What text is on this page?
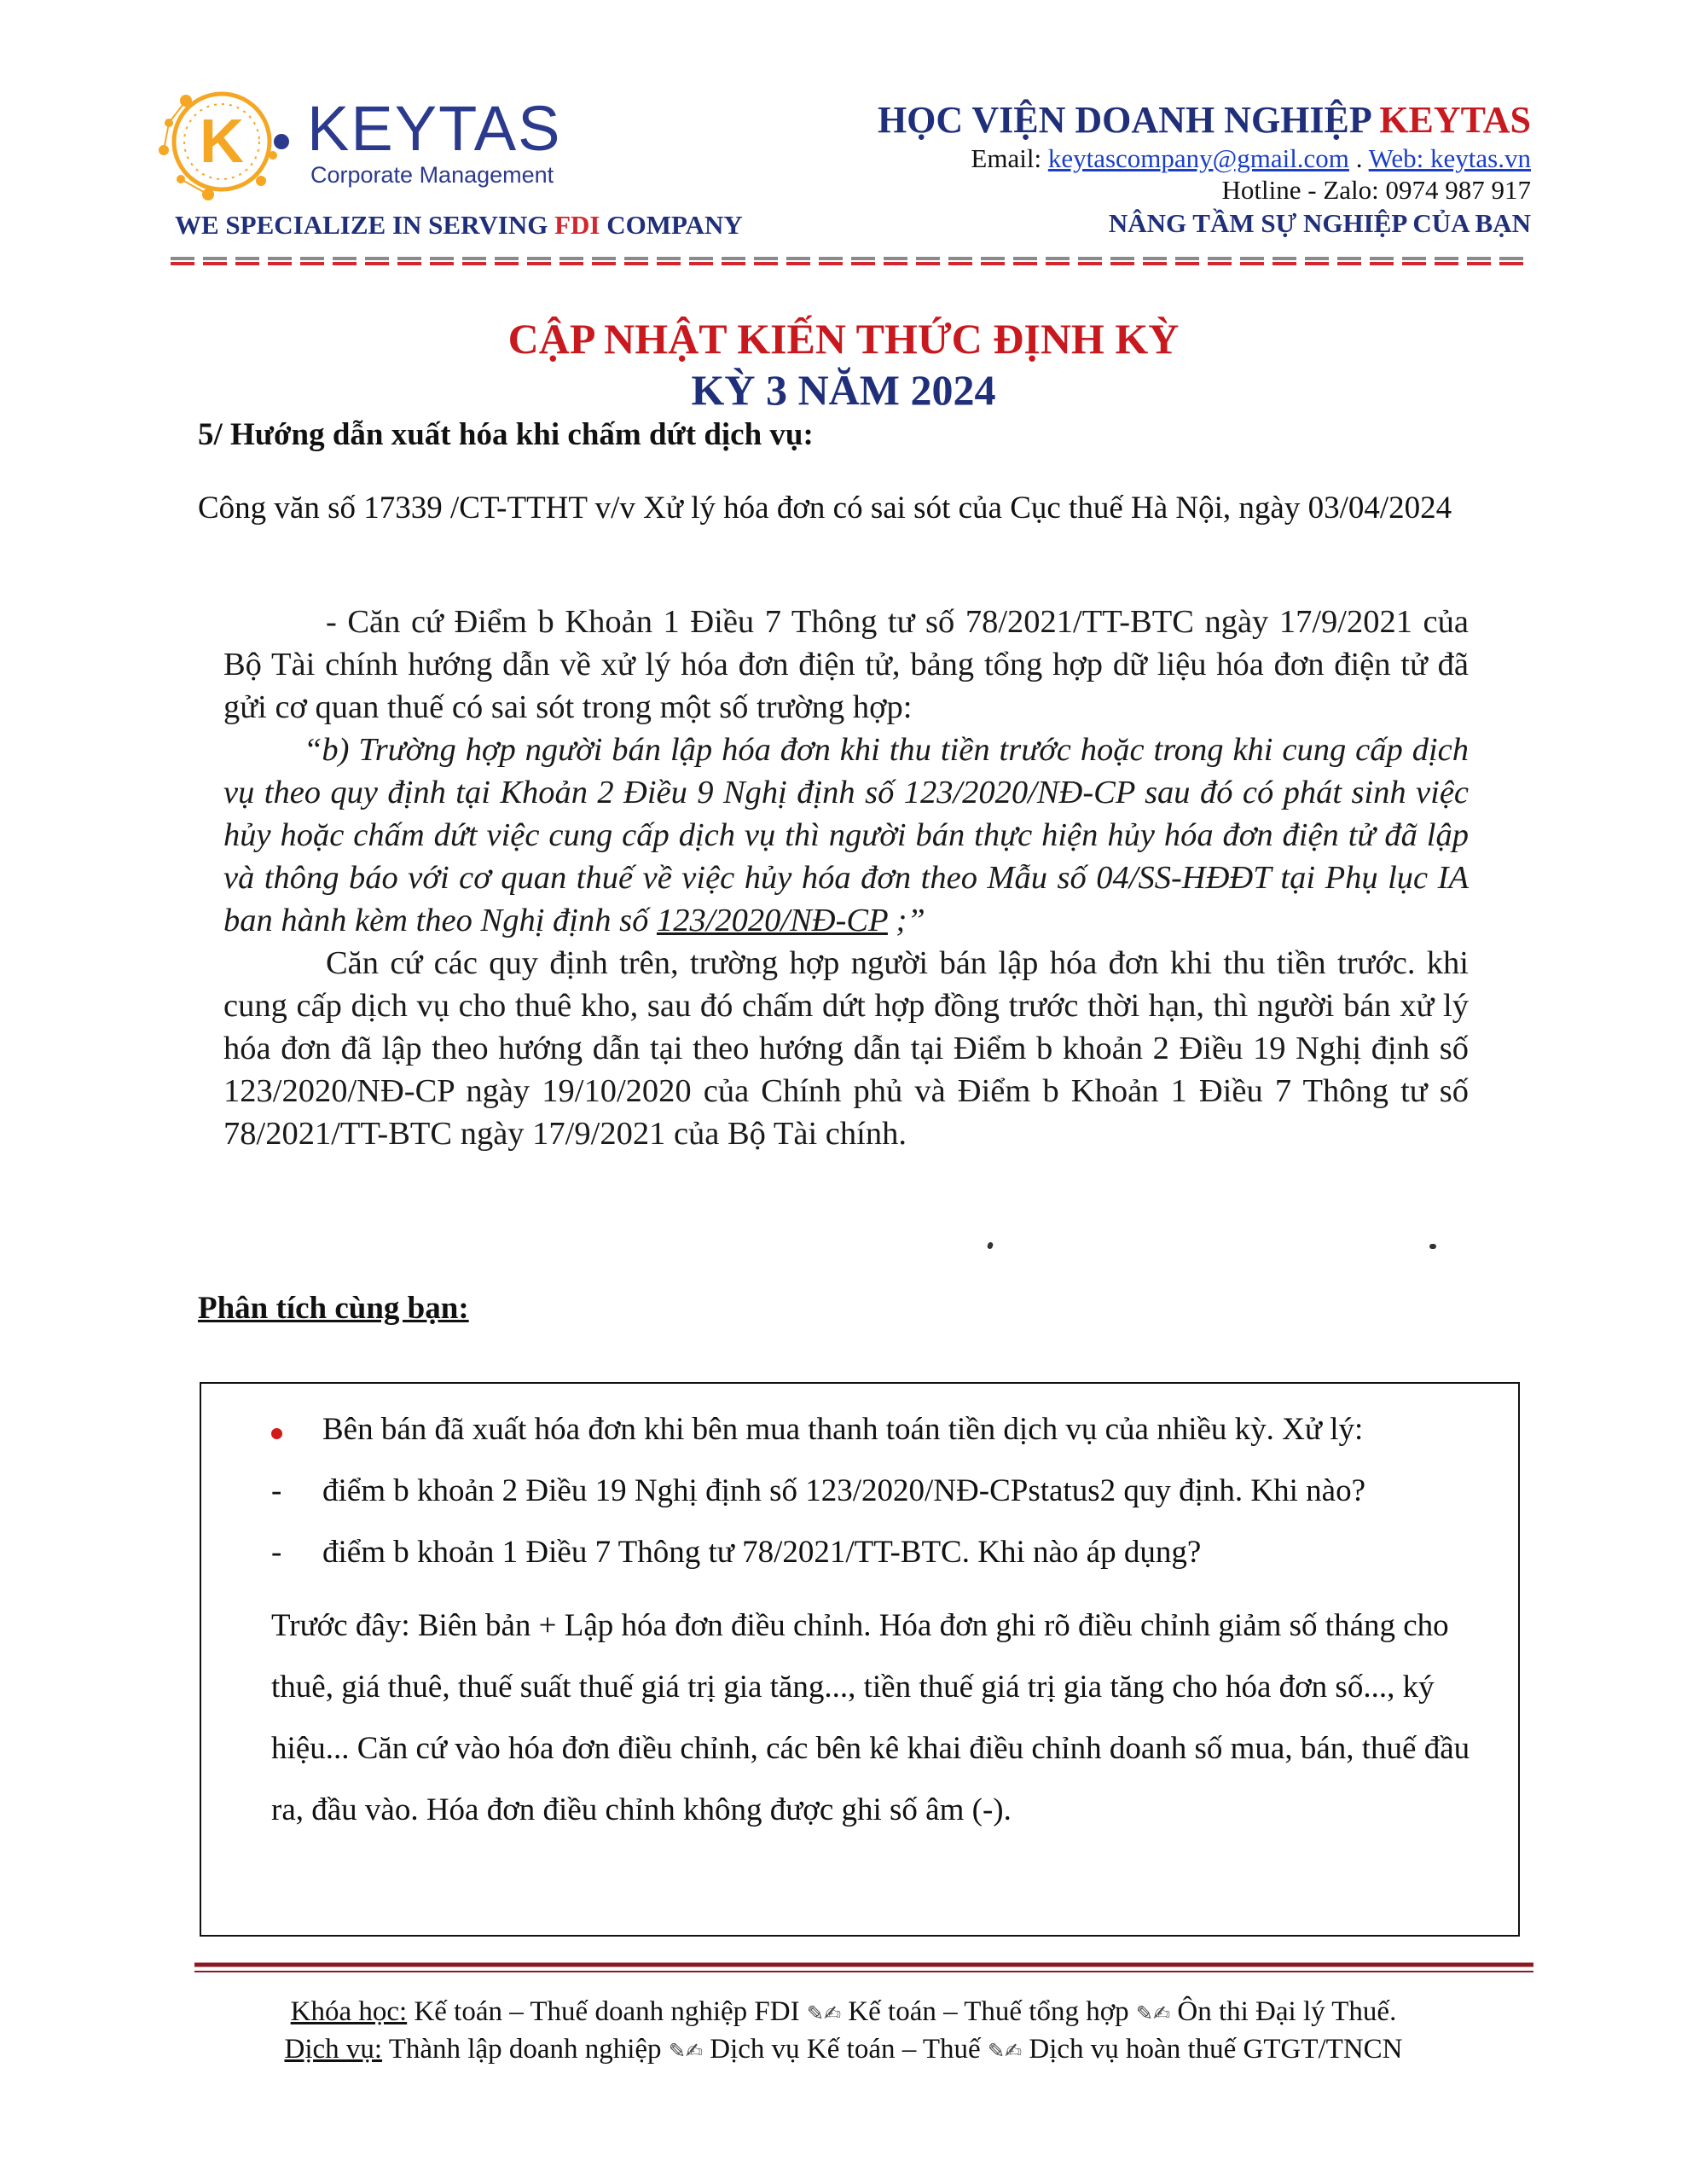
K KEYTAS
Corporate Management
WE SPECIALIZE IN SERVING FDI COMPANY
HỌC VIỆN DOANH NGHIỆP KEYTAS
Email: keytascompany@gmail.com . Web: keytas.vn
Hotline - Zalo: 0974 987 917
NÂNG TẦM SỰ NGHIỆP CỦA BẠN
CẬP NHẬT KIẾN THỨC ĐỊNH KỲ
KỲ 3 NĂM 2024
5/ Hướng dẫn xuất hóa khi chấm dứt dịch vụ:
Công văn số 17339 /CT-TTHT v/v Xử lý hóa đơn có sai sót của Cục thuế Hà Nội, ngày 03/04/2024

- Căn cứ Điểm b Khoản 1 Điều 7 Thông tư số 78/2021/TT-BTC ngày 17/9/2021 của Bộ Tài chính hướng dẫn về xử lý hóa đơn điện tử, bảng tổng hợp dữ liệu hóa đơn điện tử đã gửi cơ quan thuế có sai sót trong một số trường hợp:

“b) Trường hợp người bán lập hóa đơn khi thu tiền trước hoặc trong khi cung cấp dịch vụ theo quy định tại Khoản 2 Điều 9 Nghị định số 123/2020/NĐ-CP sau đó có phát sinh việc hủy hoặc chấm dứt việc cung cấp dịch vụ thì người bán thực hiện hủy hóa đơn điện tử đã lập và thông báo với cơ quan thuế về việc hủy hóa đơn theo Mẫu số 04/SS-HĐĐT tại Phụ lục IA ban hành kèm theo Nghị định số 123/2020/NĐ-CP ;”

Căn cứ các quy định trên, trường hợp người bán lập hóa đơn khi thu tiền trước. khi cung cấp dịch vụ cho thuê kho, sau đó chấm dứt hợp đồng trước thời hạn, thì người bán xử lý hóa đơn đã lập theo hướng dẫn tại theo hướng dẫn tại Điểm b khoản 2 Điều 19 Nghị định số 123/2020/NĐ-CP ngày 19/10/2020 của Chính phủ và Điểm b Khoản 1 Điều 7 Thông tư số 78/2021/TT-BTC ngày 17/9/2021 của Bộ Tài chính.

Phân tích cùng bạn:
Bên bán đã xuất hóa đơn khi bên mua thanh toán tiền dịch vụ của nhiều kỳ. Xử lý:
-	điểm b khoản 2 Điều 19 Nghị định số 123/2020/NĐ-CPstatus2 quy định. Khi nào?
-	điểm b khoản 1 Điều 7 Thông tư 78/2021/TT-BTC. Khi nào áp dụng?

Trước đây: Biên bản + Lập hóa đơn điều chỉnh. Hóa đơn ghi rõ điều chỉnh giảm số tháng cho thuê, giá thuê, thuế suất thuế giá trị gia tăng..., tiền thuế giá trị gia tăng cho hóa đơn số..., ký hiệu... Căn cứ vào hóa đơn điều chỉnh, các bên kê khai điều chỉnh doanh số mua, bán, thuế đầu ra, đầu vào. Hóa đơn điều chỉnh không được ghi số âm (-).

Khóa học: Kế toán – Thuế doanh nghiệp FDI ✎✍ Kế toán – Thuế tổng hợp ✎✍ Ôn thi Đại lý Thuế.
Dịch vụ: Thành lập doanh nghiệp ✎✍ Dịch vụ Kế toán – Thuế ✎✍ Dịch vụ hoàn thuế GTGT/TNCN
